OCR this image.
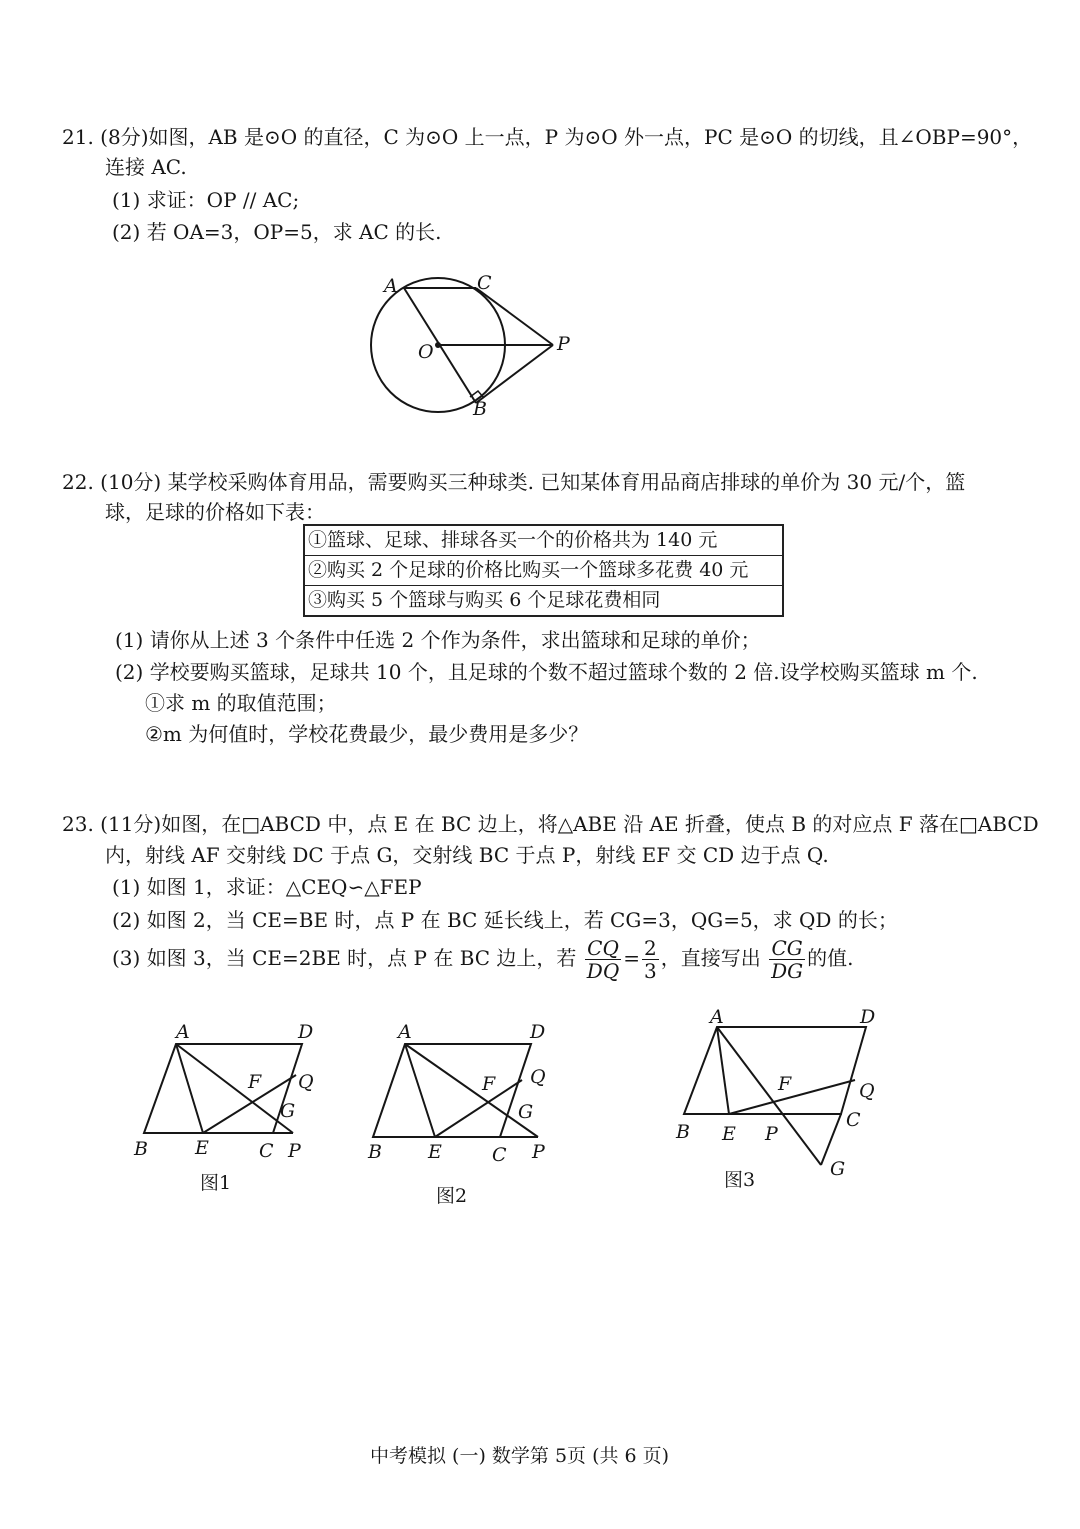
21. (8分)如图，AB 是⊙O 的直径，C 为⊙O 上一点，P 为⊙O 外一点，PC 是⊙O 的切线，且∠OBP=90°，
连接 AC.
(1) 求证：OP // AC;
(2) 若 OA=3，OP=5，求 AC 的长.
A	C
O	P
B
22. (10分) 某学校采购体育用品，需要购买三种球类. 已知某体育用品商店排球的单价为 30 元/个，篮
球，足球的价格如下表：
①篮球、足球、排球各买一个的价格共为 140 元
②购买 2 个足球的价格比购买一个篮球多花费 40 元
③购买 5 个篮球与购买 6 个足球花费相同
(1) 请你从上述 3 个条件中任选 2 个作为条件，求出篮球和足球的单价；
(2) 学校要购买篮球，足球共 10 个，且足球的个数不超过篮球个数的 2 倍.设学校购买篮球 m 个.
①求 m 的取值范围；
②m 为何值时，学校花费最少，最少费用是多少？
23. (11分)如图，在□ABCD 中，点 E 在 BC 边上，将△ABE 沿 AE 折叠，使点 B 的对应点 F 落在□ABCD
内，射线 AF 交射线 DC 于点 G，交射线 BC 于点 P，射线 EF 交 CD 边于点 Q.
(1) 如图 1，求证：△CEQ∽△FEP
(2) 如图 2，当 CE=BE 时，点 P 在 BC 延长线上，若 CG=3，QG=5，求 QD 的长；
(3) 如图 3，当 CE=2BE 时，点 P 在 BC 边上，若 $\frac{CQ}{DQ} = \frac{2}{3}$ ，直接写出 $\frac{CG}{DG}$ 的值.
A	D
F Q
G
B E	C P
图1
A	D
F Q
G
B E	C P
图2
A	D
F	Q
C
B E P
G
图3
中考模拟 (一) 数学第 5页 (共 6 页)
